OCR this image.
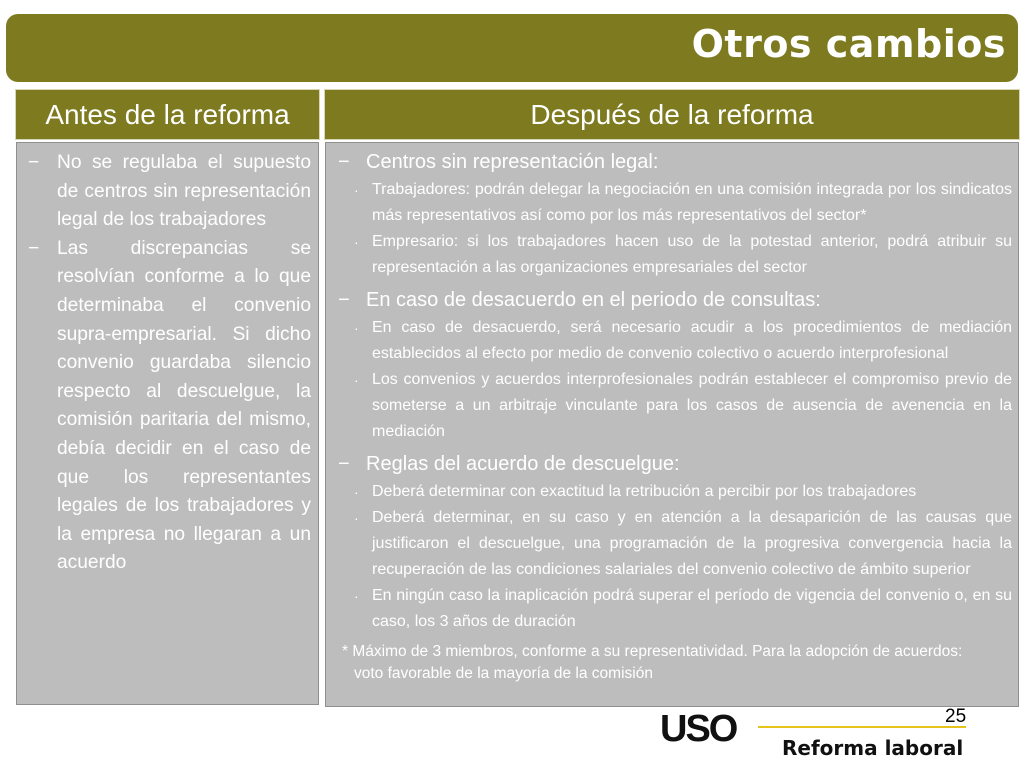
Otros cambios
Antes de la reforma	Después de la reforma
− No se regulaba el supuesto de centros sin representación legal de los trabajadores
− Las discrepancias se resolvían conforme a lo que determinaba el convenio supra-empresarial. Si dicho convenio guardaba silencio respecto al descuelgue, la comisión paritaria del mismo, debía decidir en el caso de que los representantes legales de los trabajadores y la empresa no llegaran a un acuerdo
− Centros sin representación legal:
· Trabajadores: podrán delegar la negociación en una comisión integrada por los sindicatos más representativos así como por los más representativos del sector*
· Empresario: si los trabajadores hacen uso de la potestad anterior, podrá atribuir su representación a las organizaciones empresariales del sector
− En caso de desacuerdo en el periodo de consultas:
· En caso de desacuerdo, será necesario acudir a los procedimientos de mediación establecidos al efecto por medio de convenio colectivo o acuerdo interprofesional
· Los convenios y acuerdos interprofesionales podrán establecer el compromiso previo de someterse a un arbitraje vinculante para los casos de ausencia de avenencia en la mediación
− Reglas del acuerdo de descuelgue:
· Deberá determinar con exactitud la retribución a percibir por los trabajadores
· Deberá determinar, en su caso y en atención a la desaparición de las causas que justificaron el descuelgue, una programación de la progresiva convergencia hacia la recuperación de las condiciones salariales del convenio colectivo de ámbito superior
· En ningún caso la inaplicación podrá superar el período de vigencia del convenio o, en su caso, los 3 años de duración
* Máximo de 3 miembros, conforme a su representatividad. Para la adopción de acuerdos:
voto favorable de la mayoría de la comisión
USO	25
Reforma laboral
